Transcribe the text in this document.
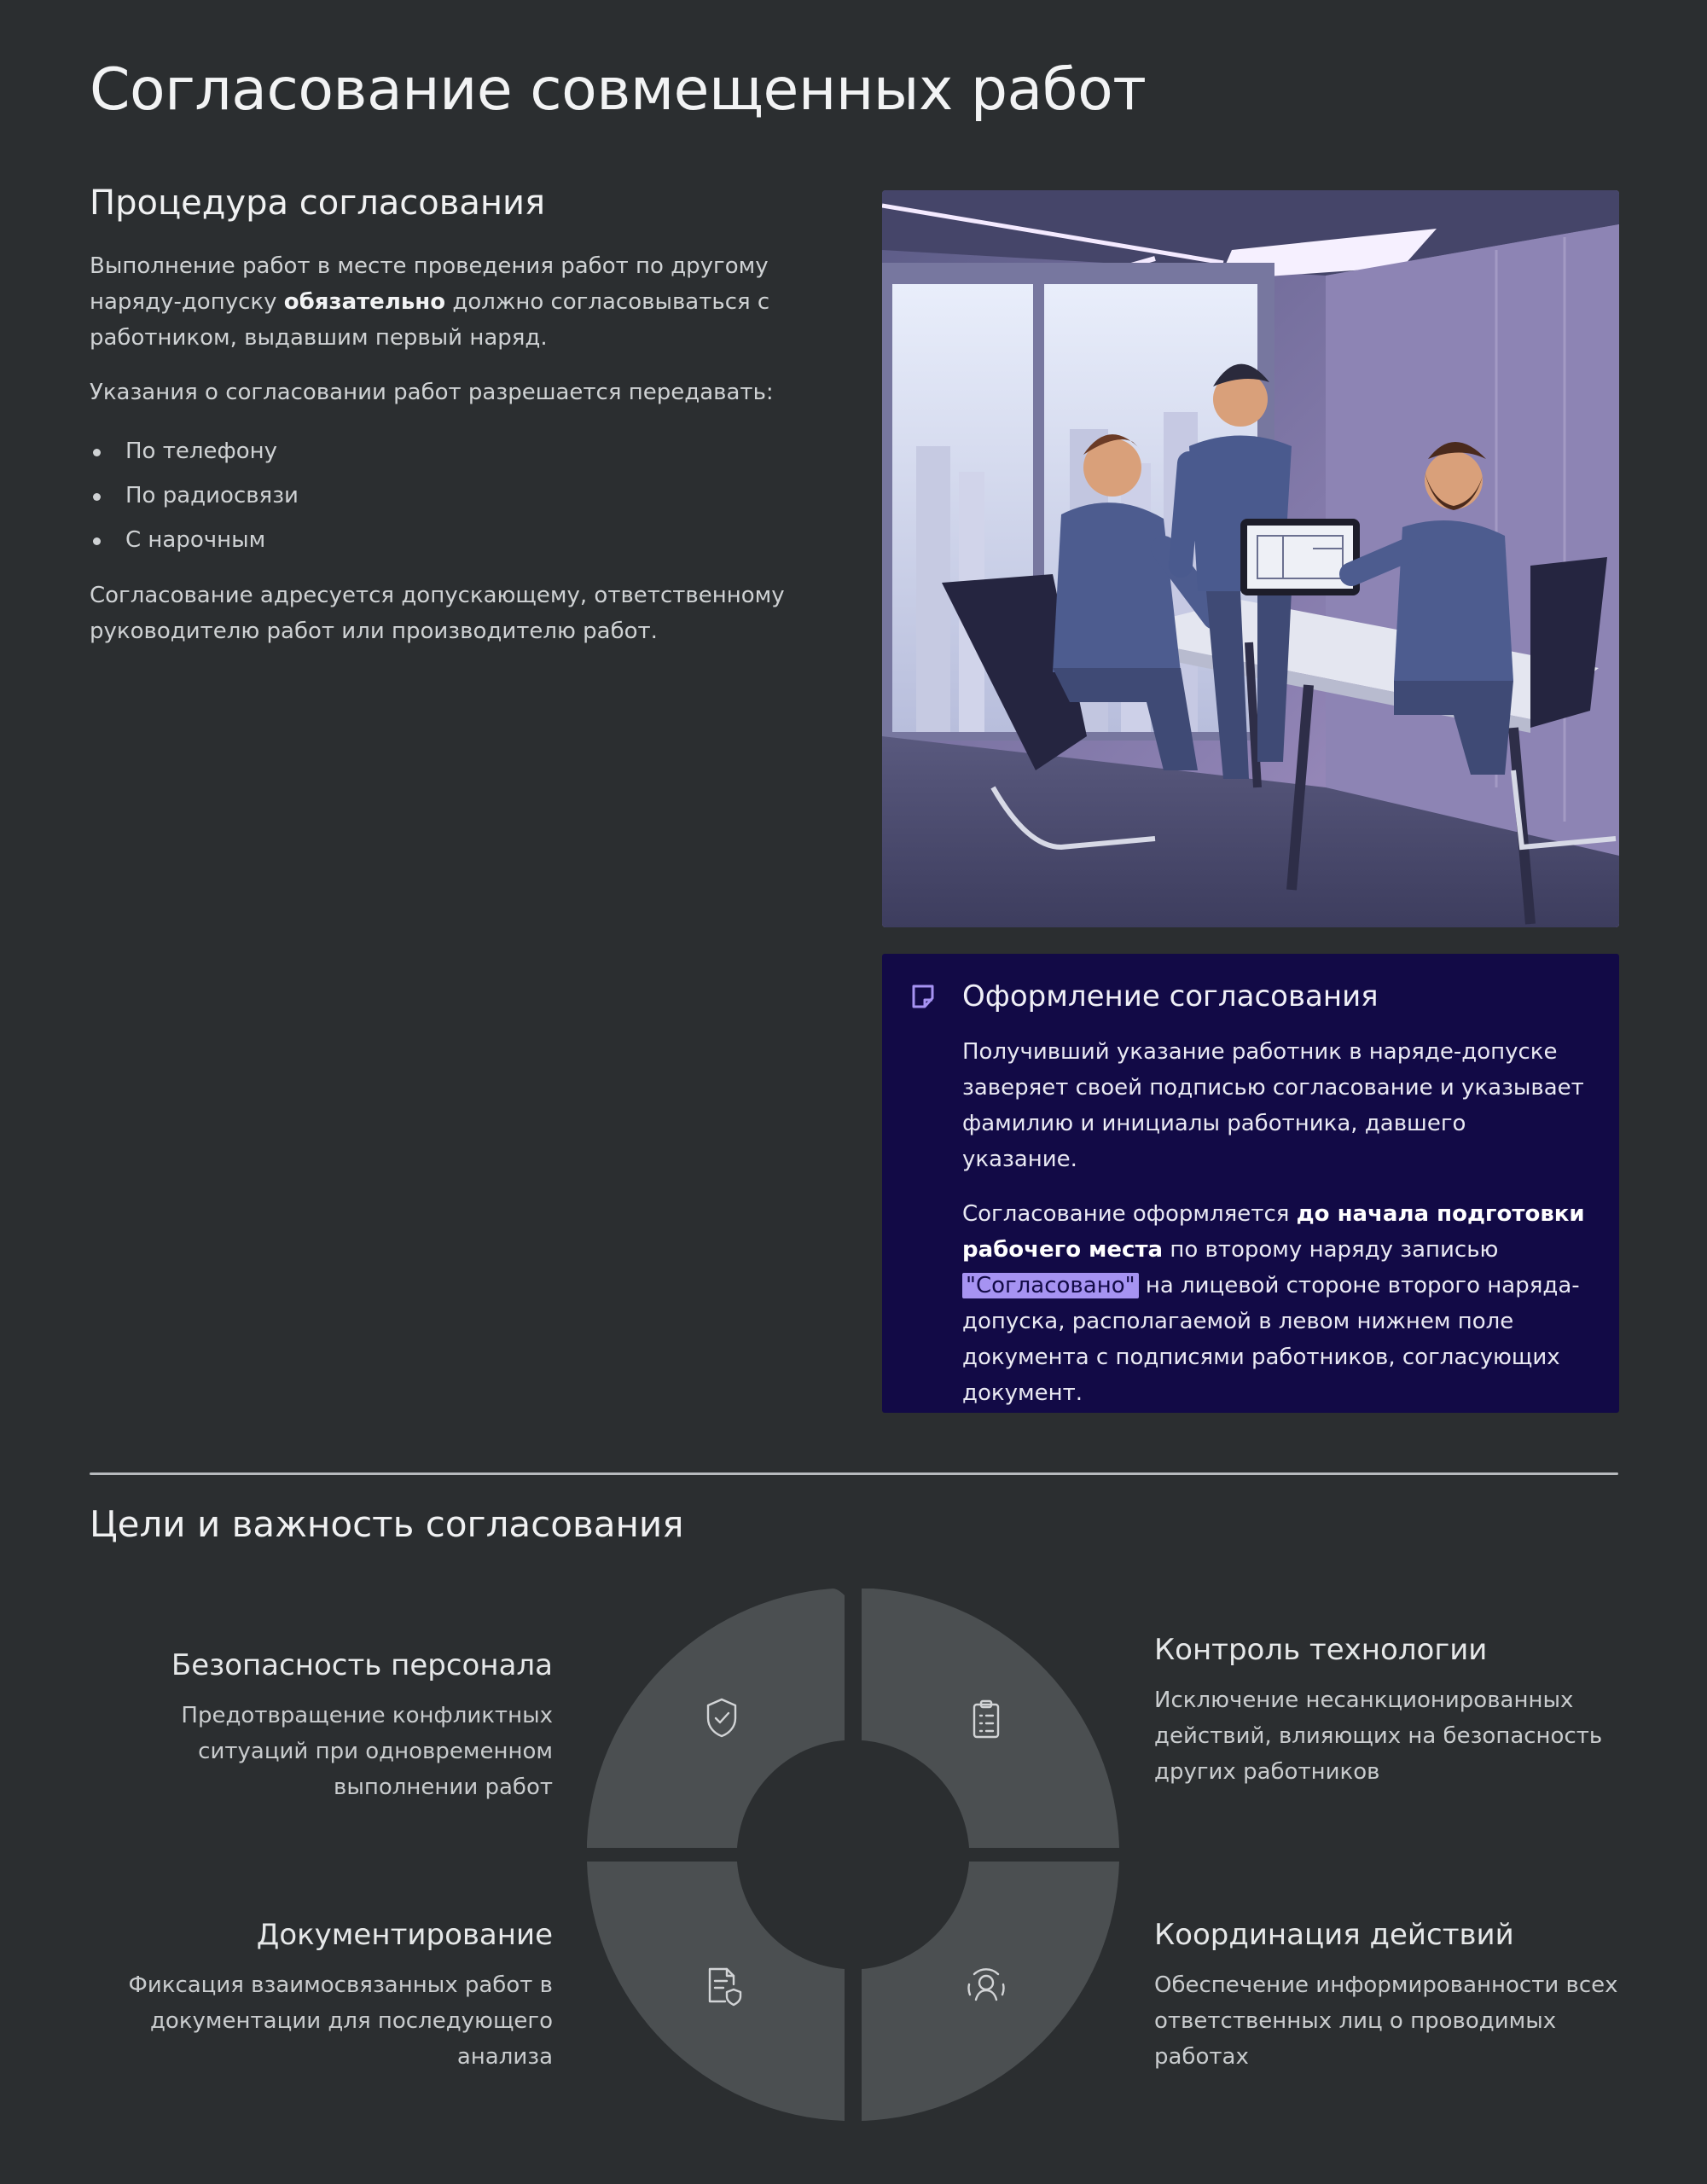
Согласование совмещенных работ
Процедура согласования

Выполнение работ в месте проведения работ по другому наряду-допуску обязательно должно согласовываться с работником, выдавшим первый наряд.

Указания о согласовании работ разрешается передавать:

По телефону
По радиосвязи
С нарочным

Согласование адресуется допускающему, ответственному руководителю работ или производителю работ.

Оформление согласования

Получивший указание работник в наряде-допуске заверяет своей подписью согласование и указывает фамилию и инициалы работника, давшего указание.

Согласование оформляется до начала подготовки рабочего места по второму наряду записью "Согласовано" на лицевой стороне второго наряда-допуска, располагаемой в левом нижнем поле документа с подписями работников, согласующих документ.

Цели и важность согласования
Безопасность персонала
Предотвращение конфликтных ситуаций при одновременном выполнении работ
Контроль технологии
Исключение несанкционированных действий, влияющих на безопасность других работников
Документирование
Фиксация взаимосвязанных работ в документации для последующего анализа
Координация действий
Обеспечение информированности всех ответственных лиц о проводимых работах
